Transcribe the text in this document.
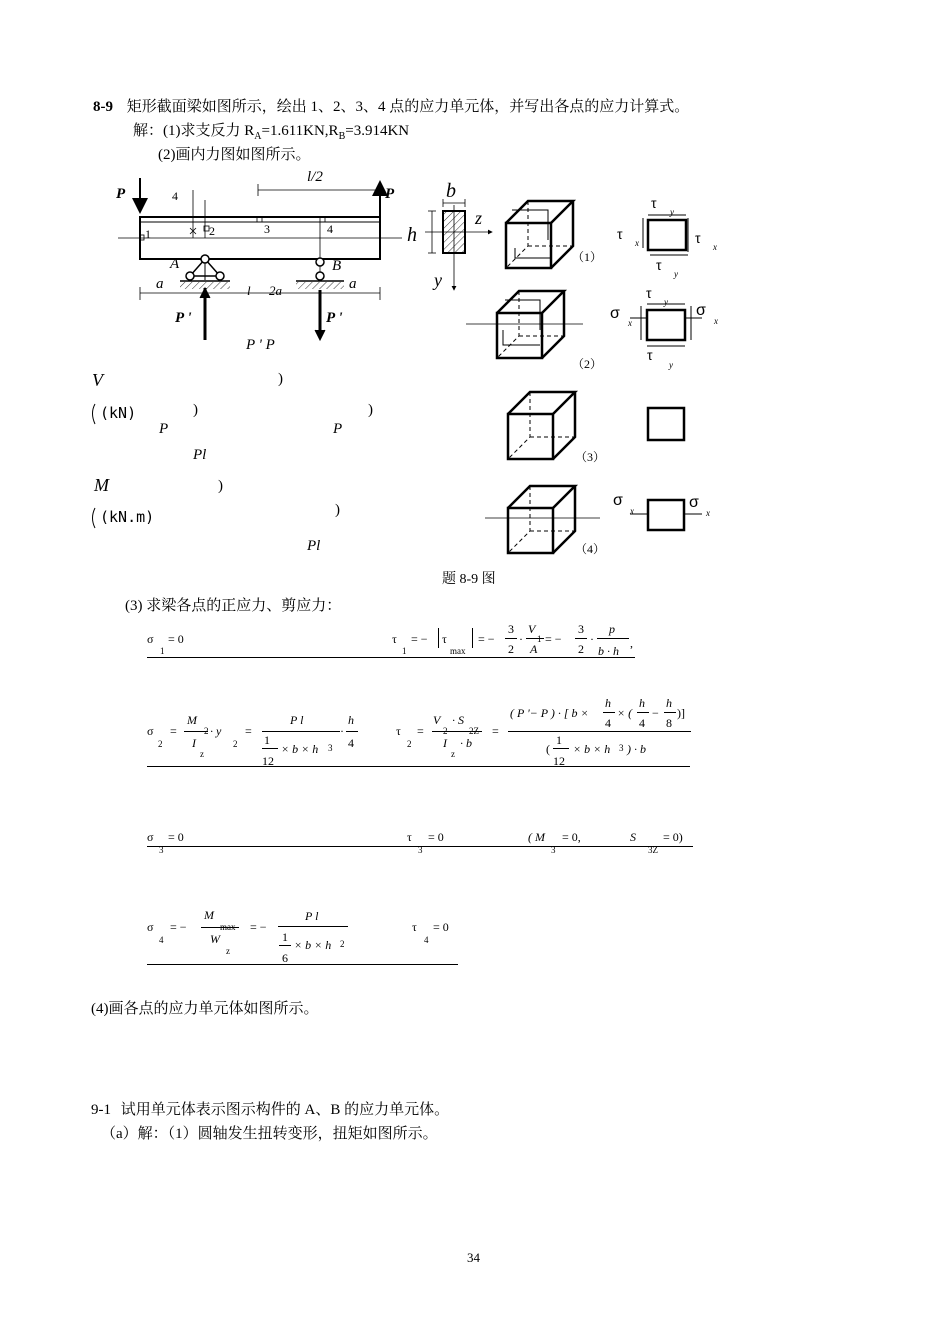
8-9 矩形截面梁如图所示，绘出 1、2、3、4 点的应力单元体，并写出各点的应力计算式。
解：(1)求支反力 $R_A=1.611KN,R_B=3.914KN$
(2)画内力图如图所示。
P	P
4
l/2
1	2	3	4
A	B
a	l 2a	a
P '	P '
P ' P
b
h
z
y
V
(kN)
)
)	)
P	P
Pl
M
(kN.m)
)
)
Pl
（1）
（2）
（3）
（4）
τ
y
τ
x	τ
x
τ
y
τ
y
σ
x
σ
x
τ
y
σ
x	σ
x
题 8-9 图
(3) 求梁各点的正应力、剪应力：
σ
1
= 0	τ
1
= − τ
max
= −
3
2
·
V
1
A
= −
3
2
·
p
b · h
,
σ
2
=
M
2
I
z
· y
2
=
P l
1
12
× b × h 3
·
h
4
τ
2
=
V
2
· S
2Z
I
z
· b
=
( P '− P ) · [ b ×
h
4
× (
h
4
−
h
8
)]
(
1
12
× b × h 3 ) · b
σ
3
= 0	τ
3
= 0	( M
3
= 0,	S
3Z
= 0)
σ
4
= −
M
max
W
z
= −
P l
1
6
× b × h 2
τ
4
= 0
(4)画各点的应力单元体如图所示。
9-1 试用单元体表示图示构件的 A、B 的应力单元体。
（a）解：（1）圆轴发生扭转变形，扭矩如图所示。
34
